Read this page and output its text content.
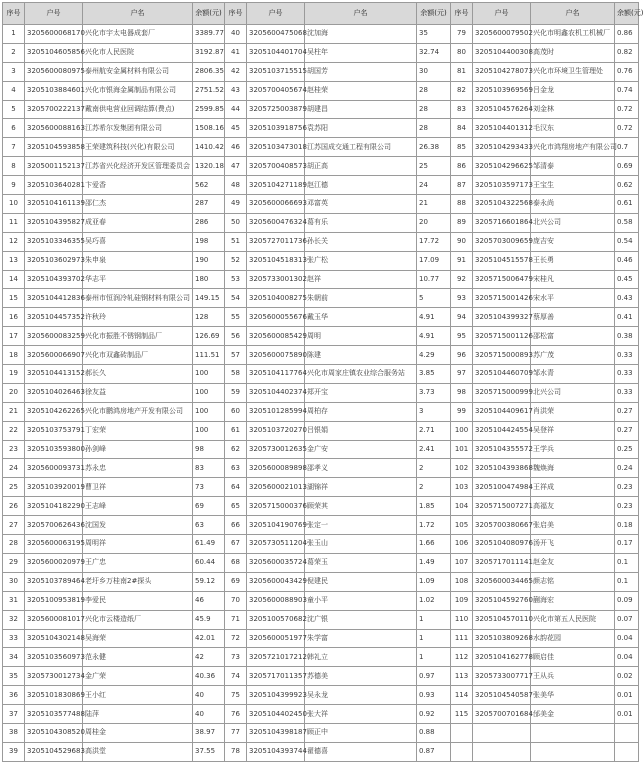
序号	户号	户名	余额(元)	序号	户号	户名	余额(元)	序号	户号	户名	余额(元)
1	3205600068170	兴化市宇太电器成套厂	3389.77	40	3205600475068	沈加海	35	79	3205600079502	兴化市明鑫农机工机械厂	0.86
2	3205104605856	兴化市人民医院	3192.87	41	3205104401704	吴柱年	32.74	80	3205104400308	高茂时	0.82
3	3205600080975	泰州航安金属材料有限公司	2806.35	42	3205103715515	胡国芳	30	81	3205104278073	兴化市环境卫生管理处	0.76
4	3205103884601	兴化市银海金属制品有限公司	2751.52	43	3205700405674	赵桂荣	28	82	3205103969569	吕金龙	0.74
5	3205700222137	戴南供电营业回调结算(费点)	2599.85	44	3205725003879	胡建昌	28	83	3205104576264	刘金林	0.72
6	3205600088163	江苏希尔发集团有限公司	1508.16	45	3205103918756	袁苏阳	28	84	3205104401312	毛汉东	0.72
7	3205104593858	王荣建筑科技(兴化)有限公司	1410.42	46	3205103473018	江苏国成交通工程有限公司	26.38	85	3205104293433	兴化市鸿翔房地产有限公司	0.7
8	3205001152137	江苏省兴化经济开发区管理委员会	1320.18	47	3205700408573	胡正高	25	86	3205104296625	邹清泰	0.69
9	3205103640281	卞爱香	562	48	3205104271189	赵江德	24	87	3205103597173	王宝生	0.62
10	3205104161139	邵仁杰	287	49	3205600066693	邓富英	21	88	3205104322568	泰永尚	0.61
11	3205104395827	成亚春	286	50	3205600476324	葛有乐	20	89	3205716601864	北兴公司	0.58
12	3205103346355	吴巧喜	198	51	3205727011736	孙长关	17.72	90	3205703009659	庞吉安	0.54
13	3205103602973	朱申泉	190	52	3205104518313	张广松	17.09	91	3205104515578	王长勇	0.46
14	3205104393702	华志平	180	53	3205733001302	赵祥	10.77	92	3205715006479	宋桂凡	0.45
15	3205104412836	泰州市恒润冷轧硅钢材料有限公司	149.15	54	3205104008275	朱朝前	5	93	3205715001426	宋水平	0.43
16	3205104457352	许秋玲	128	55	3205600055676	戴玉华	4.91	94	3205104399327	蔡厚善	0.41
17	3205600083259	兴化市振胜不锈钢制品厂	126.69	56	3205600085429	周明	4.91	95	3205715001126	邵松富	0.38
18	3205600066907	兴化市双鑫砖制品厂	111.51	57	3205600075890	陈建	4.29	96	3205715000893	苏广茂	0.33
19	3205104413152	郝长久	100	58	3205104117764	兴化市周家庄镇农业综合服务站	3.85	97	3205104460709	邹水青	0.33
20	3205104026463	徐友益	100	59	3205104402374	郑开宝	3.73	98	3205715000999	北兴公司	0.33
21	3205104262265	兴化市鹏鸿房地产开发有限公司	100	60	3205101285994	周柏存	3	99	3205104409617	肖洪荣	0.27
22	3205103753791	丁宏荣	100	61	3205103720270	吕银娟	2.71	100	3205104424554	吴登祥	0.27
23	3205103593800	孙剑峰	98	62	3205730012635	金广安	2.41	101	3205104355572	王学兵	0.25
24	3205600093731	苏永忠	83	63	3205600089898	邵孝义	2	102	3205104393868	魏焕海	0.24
25	3205103920019	曹卫祥	73	64	3205600021013	湖锦祥	2	103	3205100474984	王祥成	0.23
26	3205104182290	王志峰	69	65	3205715000376	顾荣其	1.85	104	3205715007271	高福友	0.23
27	3205700626436	沈国发	63	66	3205104190769	张定一	1.72	105	3205700380667	张启美	0.18
28	3205600063195	周明祥	61.49	67	3205730511204	张玉山	1.66	106	3205104080976	汤开飞	0.17
29	3205600020979	王广忠	60.44	68	3205600035724	葛荣玉	1.49	107	3205717011141	赵金友	0.1
30	3205103789464	老圩乡万桂南2#探头	59.12	69	3205600043429	倪建民	1.09	108	3205600034465	颜志铭	0.1
31	3205100953819	李爱民	46	70	3205600088903	童小平	1.02	109	3205104592760	蒯海宏	0.09
32	3205600081017	兴化市云楼造纸厂	45.9	71	3205100570682	沈广银	1	110	3205104570110	兴化市第五人民医院	0.07
33	3205104302148	吴海荣	42.01	72	3205600051977	朱学富	1	111	3205103809268	水韵花园	0.04
34	3205103560973	范永健	42	73	3205721017212	韩礼立	1	112	3205104162778	顾启佳	0.04
35	3205730012734	金广荣	40.36	74	3205717011357	苏德美	0.97	113	3205733007717	王从兵	0.02
36	3205101830869	王小红	40	75	3205104399923	吴永龙	0.93	114	3205104540587	张美华	0.01
37	3205103577488	陆萍	40	76	3205104402450	张大祥	0.92	115	3205700701684	邰美金	0.01
38	3205104308520	周桂金	38.97	77	3205104398187	顾正中	0.88				
39	3205104529683	高洪堂	37.55	78	3205104393744	翟德喜	0.87				
